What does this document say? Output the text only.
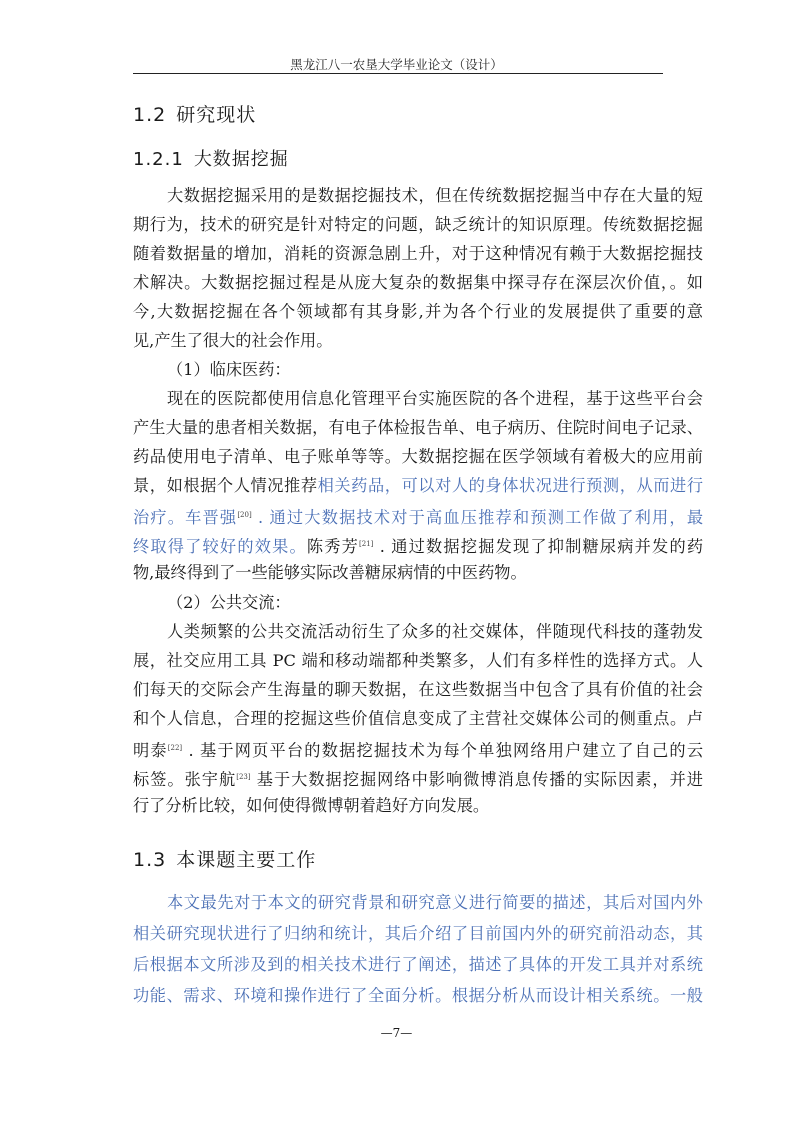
黑龙江八一农垦大学毕业论文（设计）
1.2 研究现状
1.2.1 大数据挖掘
大数据挖掘采用的是数据挖掘技术，但在传统数据挖掘当中存在大量的短
期行为，技术的研究是针对特定的问题，缺乏统计的知识原理。传统数据挖掘
随着数据量的增加，消耗的资源急剧上升，对于这种情况有赖于大数据挖掘技
术解决。大数据挖掘过程是从庞大复杂的数据集中探寻存在深层次价值，。如
今,大数据挖掘在各个领域都有其身影,并为各个行业的发展提供了重要的意
见,产生了很大的社会作用。
（1）临床医药：
现在的医院都使用信息化管理平台实施医院的各个进程，基于这些平台会
产生大量的患者相关数据，有电子体检报告单、电子病历、住院时间电子记录、
药品使用电子清单、电子账单等等。大数据挖掘在医学领域有着极大的应用前
景，如根据个人情况推荐相关药品，可以对人的身体状况进行预测，从而进行
治疗。车晋强[20] . 通过大数据技术对于高血压推荐和预测工作做了利用，最
终取得了较好的效果。陈秀芳[21] . 通过数据挖掘发现了抑制糖尿病并发的药
物,最终得到了一些能够实际改善糖尿病情的中医药物。
（2）公共交流：
人类频繁的公共交流活动衍生了众多的社交媒体，伴随现代科技的蓬勃发
展，社交应用工具 PC 端和移动端都种类繁多，人们有多样性的选择方式。人
们每天的交际会产生海量的聊天数据，在这些数据当中包含了具有价值的社会
和个人信息，合理的挖掘这些价值信息变成了主营社交媒体公司的侧重点。卢
明泰[22] . 基于网页平台的数据挖掘技术为每个单独网络用户建立了自己的云
标签。张宇航[23] 基于大数据挖掘网络中影响微博消息传播的实际因素，并进
行了分析比较，如何使得微博朝着趋好方向发展。
1.3 本课题主要工作
本文最先对于本文的研究背景和研究意义进行简要的描述，其后对国内外
相关研究现状进行了归纳和统计，其后介绍了目前国内外的研究前沿动态，其
后根据本文所涉及到的相关技术进行了阐述，描述了具体的开发工具并对系统
功能、需求、环境和操作进行了全面分析。根据分析从而设计相关系统。一般
—7—
